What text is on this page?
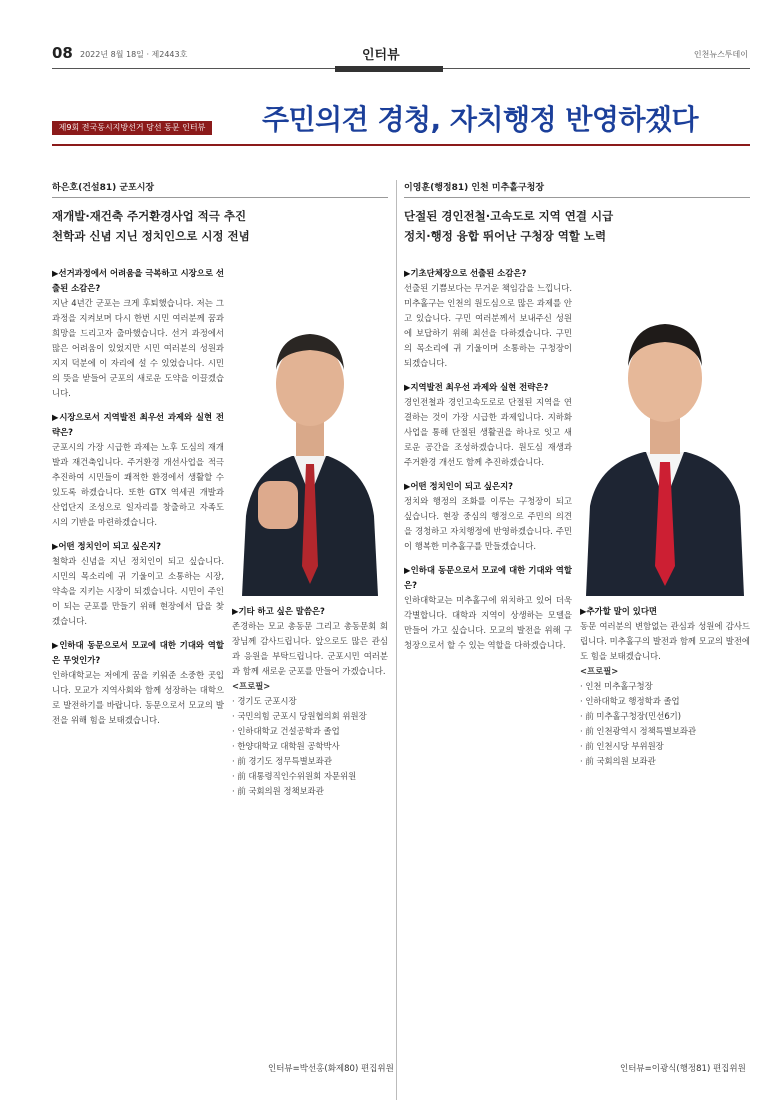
08 2022년 8월 18일 · 제2443호	인터뷰	인천뉴스투데이
제9회 전국동시지방선거 당선 동문 인터뷰 주민의견 경청, 자치행정 반영하겠다
하은호(건설81) 군포시장
재개발·재건축 주거환경사업 적극 추진
천학과 신념 지닌 정치인으로 시정 전념

▶선거과정에서 어려움을 극복하고 시장으로 선출된 소감은?

지난 4년간 군포는 크게 후퇴했습니다. 저는 그 과정을 지켜보며 다시 한번 시민 여러분께 꿈과 희망을 드리고자 출마했습니다. 선거 과정에서 많은 어려움이 있었지만 시민 여러분의 성원과 지지 덕분에 이 자리에 설 수 있었습니다. 시민의 뜻을 받들어 군포의 새로운 도약을 이끌겠습니다.

▶시장으로서 지역발전 최우선 과제와 실현 전략은?

군포시의 가장 시급한 과제는 노후 도심의 재개발과 재건축입니다. 주거환경 개선사업을 적극 추진하여 시민들이 쾌적한 환경에서 생활할 수 있도록 하겠습니다. 또한 GTX 역세권 개발과 산업단지 조성으로 일자리를 창출하고 자족도시의 기반을 마련하겠습니다.

▶어떤 정치인이 되고 싶은지?

철학과 신념을 지닌 정치인이 되고 싶습니다. 시민의 목소리에 귀 기울이고 소통하는 시장, 약속을 지키는 시장이 되겠습니다. 시민이 주인이 되는 군포를 만들기 위해 현장에서 답을 찾겠습니다.

▶인하대 동문으로서 모교에 대한 기대와 역할은 무엇인가?

인하대학교는 저에게 꿈을 키워준 소중한 곳입니다. 모교가 지역사회와 함께 성장하는 대학으로 발전하기를 바랍니다. 동문으로서 모교의 발전을 위해 힘을 보태겠습니다.

▶기타 하고 싶은 말씀은?

존경하는 모교 총동문 그리고 총동문회 회장님께 감사드립니다. 앞으로도 많은 관심과 응원을 부탁드립니다. 군포시민 여러분과 함께 새로운 군포를 만들어 가겠습니다.

<프로필>

· 경기도 군포시장

· 국민의힘 군포시 당원협의회 위원장

· 인하대학교 건설공학과 졸업

· 한양대학교 대학원 공학박사

· 前 경기도 정무특별보좌관

· 前 대통령직인수위원회 자문위원

· 前 국회의원 정책보좌관

인터뷰=박선홍(화제80) 편집위원
이영훈(행정81) 인천 미추홀구청장
단절된 경인전철·고속도로 지역 연결 시급
정치·행정 융합 뛰어난 구청장 역할 노력

▶기초단체장으로 선출된 소감은?

선출된 기쁨보다는 무거운 책임감을 느낍니다. 미추홀구는 인천의 원도심으로 많은 과제를 안고 있습니다. 구민 여러분께서 보내주신 성원에 보답하기 위해 최선을 다하겠습니다. 구민의 목소리에 귀 기울이며 소통하는 구청장이 되겠습니다.

▶지역발전 최우선 과제와 실현 전략은?

경인전철과 경인고속도로로 단절된 지역을 연결하는 것이 가장 시급한 과제입니다. 지하화 사업을 통해 단절된 생활권을 하나로 잇고 새로운 공간을 조성하겠습니다. 원도심 재생과 주거환경 개선도 함께 추진하겠습니다.

▶어떤 정치인이 되고 싶은지?

정치와 행정의 조화를 이루는 구청장이 되고 싶습니다. 현장 중심의 행정으로 주민의 의견을 경청하고 자치행정에 반영하겠습니다. 주민이 행복한 미추홀구를 만들겠습니다.

▶인하대 동문으로서 모교에 대한 기대와 역할은?

인하대학교는 미추홀구에 위치하고 있어 더욱 각별합니다. 대학과 지역이 상생하는 모델을 만들어 가고 싶습니다. 모교의 발전을 위해 구청장으로서 할 수 있는 역할을 다하겠습니다.

▶추가할 말이 있다면

동문 여러분의 변함없는 관심과 성원에 감사드립니다. 미추홀구의 발전과 함께 모교의 발전에도 힘을 보태겠습니다.

<프로필>

· 인천 미추홀구청장

· 인하대학교 행정학과 졸업

· 前 미추홀구청장(민선6기)

· 前 인천광역시 정책특별보좌관

· 前 인천시당 부위원장

· 前 국회의원 보좌관

인터뷰=이광식(행정81) 편집위원
